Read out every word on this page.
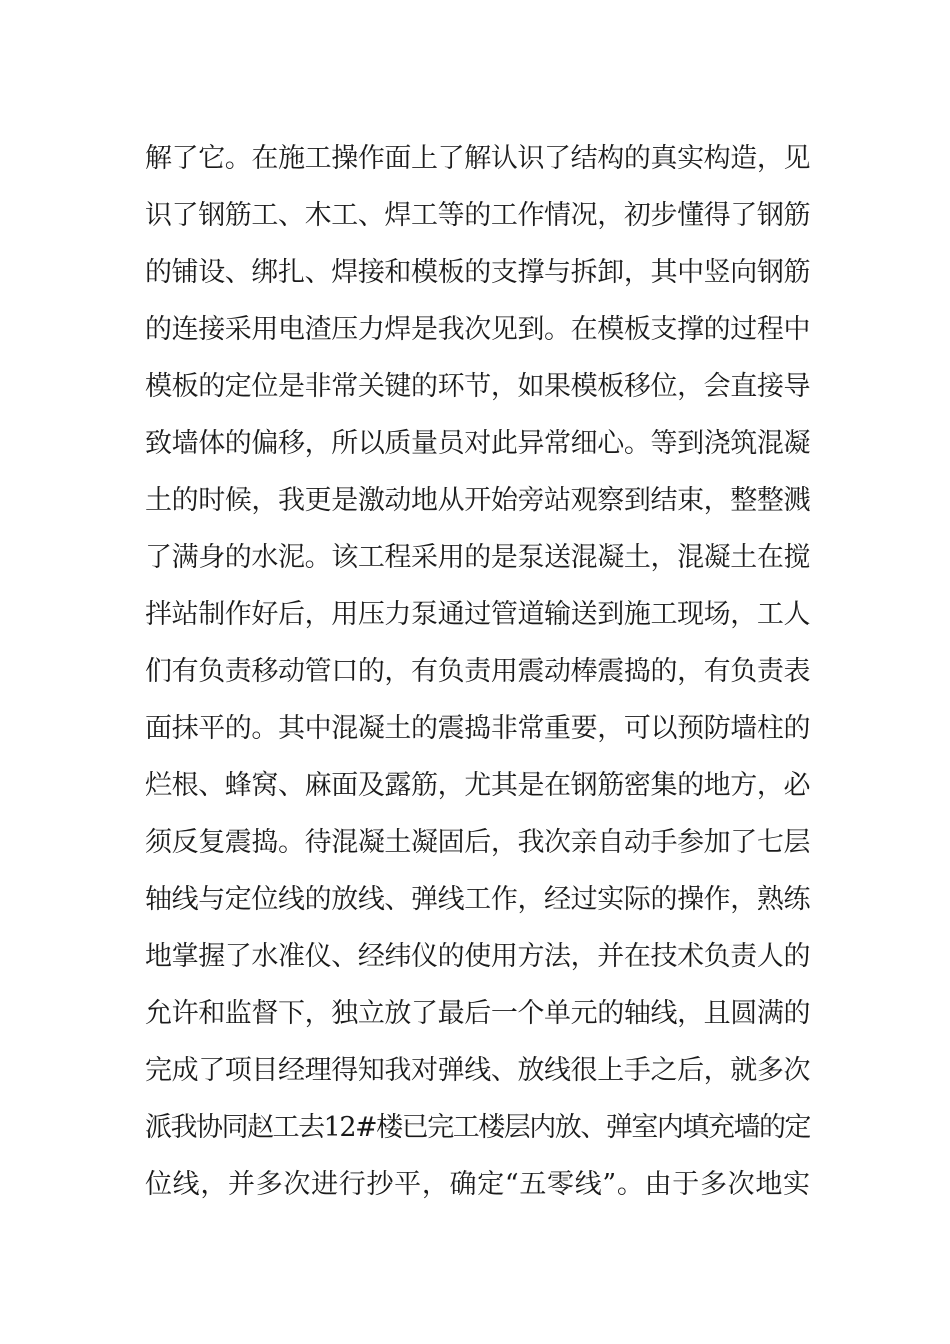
解了它。在施工操作面上了解认识了结构的真实构造，见
识了钢筋工、木工、焊工等的工作情况，初步懂得了钢筋
的铺设、绑扎、焊接和模板的支撑与拆卸，其中竖向钢筋
的连接采用电渣压力焊是我次见到。在模板支撑的过程中
模板的定位是非常关键的环节，如果模板移位，会直接导
致墙体的偏移，所以质量员对此异常细心。等到浇筑混凝
土的时候，我更是激动地从开始旁站观察到结束，整整溅
了满身的水泥。该工程采用的是泵送混凝土，混凝土在搅
拌站制作好后，用压力泵通过管道输送到施工现场，工人
们有负责移动管口的，有负责用震动棒震捣的，有负责表
面抹平的。其中混凝土的震捣非常重要，可以预防墙柱的
烂根、蜂窝、麻面及露筋，尤其是在钢筋密集的地方，必
须反复震捣。待混凝土凝固后，我次亲自动手参加了七层
轴线与定位线的放线、弹线工作，经过实际的操作，熟练
地掌握了水准仪、经纬仪的使用方法，并在技术负责人的
允许和监督下，独立放了最后一个单元的轴线，且圆满的
完成了项目经理得知我对弹线、放线很上手之后，就多次
派我协同赵工去12#楼已完工楼层内放、弹室内填充墙的定
位线，并多次进行抄平，确定“五零线”。由于多次地实
